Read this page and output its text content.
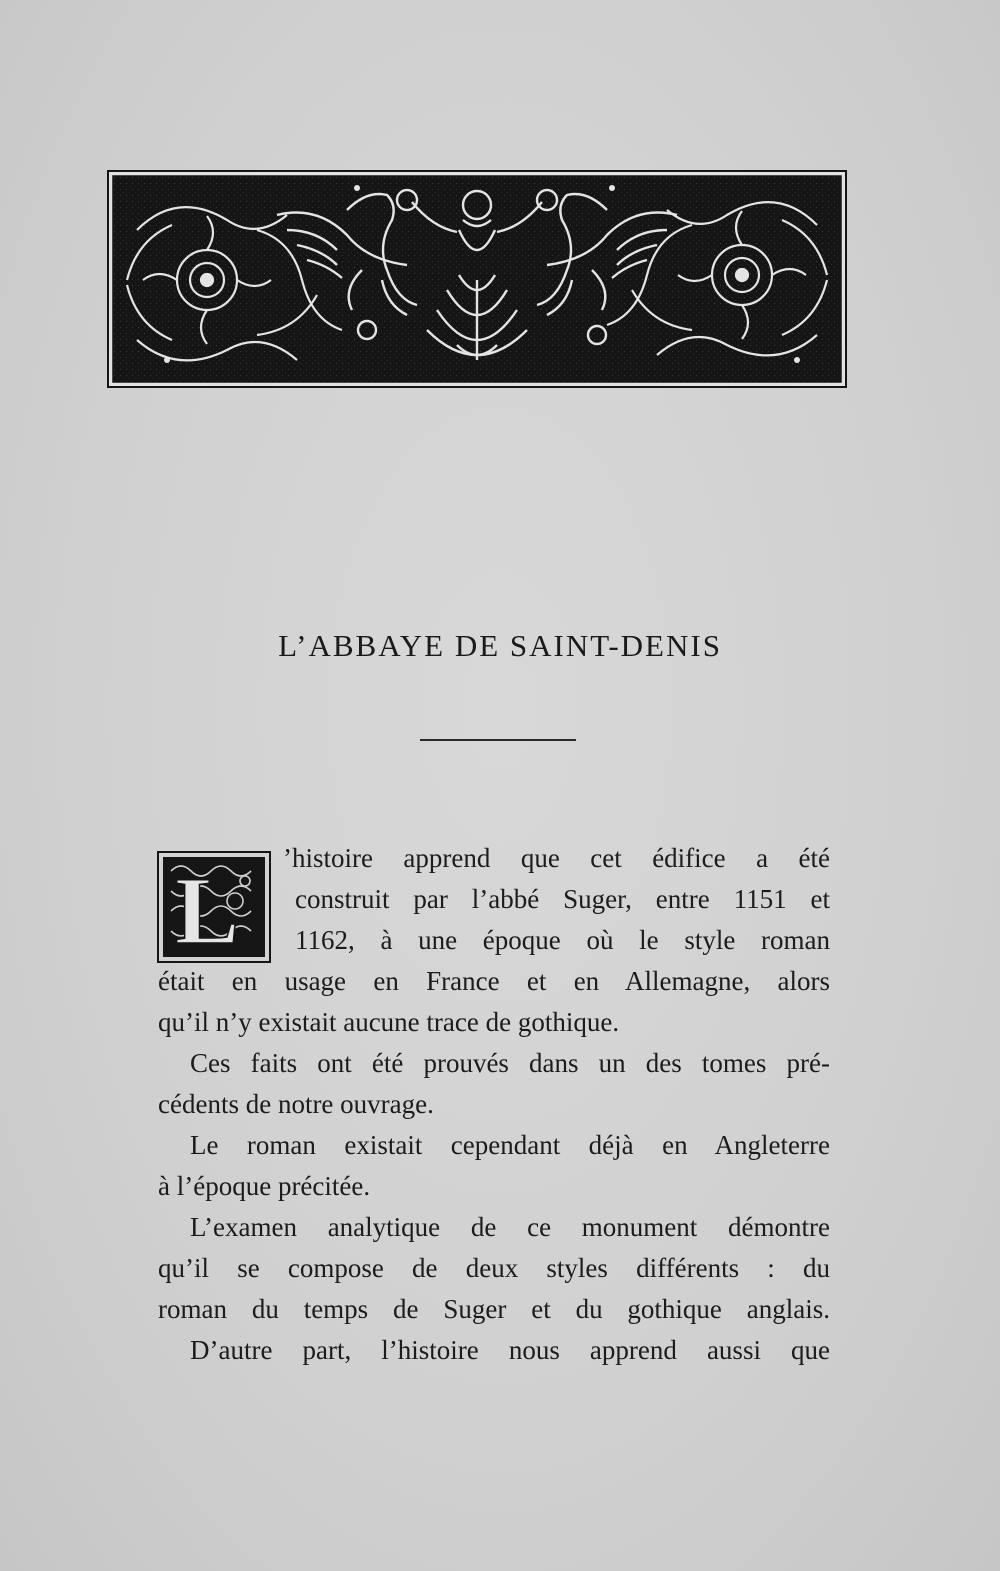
L’ABBAYE DE SAINT-DENIS
L ’histoire apprend que cet édifice a été
construit par l’abbé Suger, entre 1151 et
1162, à une époque où le style roman
était en usage en France et en Allemagne, alors
qu’il n’y existait aucune trace de gothique.
Ces faits ont été prouvés dans un des tomes pré-
cédents de notre ouvrage.
Le roman existait cependant déjà en Angleterre
à l’époque précitée.
L’examen analytique de ce monument démontre
qu’il se compose de deux styles différents : du
roman du temps de Suger et du gothique anglais.
D’autre part, l’histoire nous apprend aussi que
